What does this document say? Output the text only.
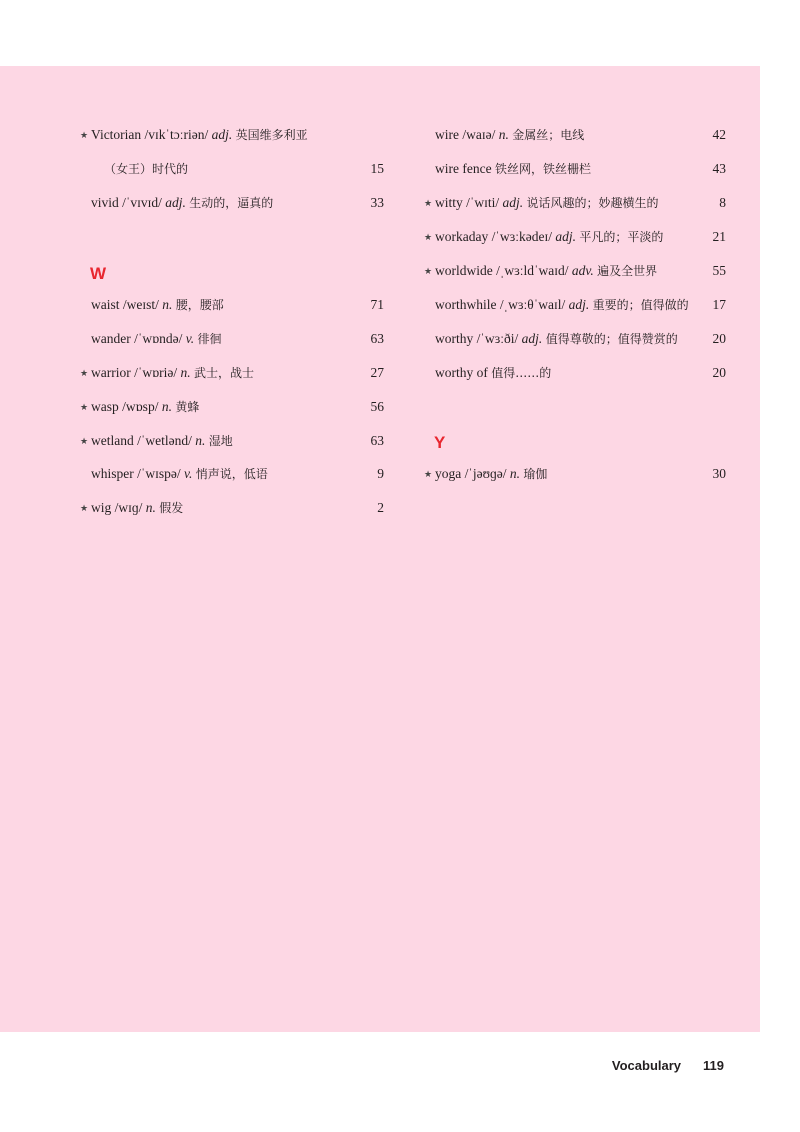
★ Victorian /vɪkˈtɔːriən/ adj. 英国维多利亚
（女王）时代的	15
vivid /ˈvɪvɪd/ adj. 生动的，逼真的	33
W
waist /weɪst/ n. 腰，腰部	71
wander /ˈwɒndə/ v. 徘徊	63
★ warrior /ˈwɒriə/ n. 武士，战士	27
★ wasp /wɒsp/ n. 黄蜂	56
★ wetland /ˈwetlənd/ n. 湿地	63
whisper /ˈwɪspə/ v. 悄声说，低语	9
★ wig /wɪɡ/ n. 假发	2
wire /waɪə/ n. 金属丝；电线	42
wire fence 铁丝网，铁丝栅栏	43
★ witty /ˈwɪti/ adj. 说话风趣的；妙趣横生的	8
★ workaday /ˈwɜːkədeɪ/ adj. 平凡的；平淡的	21
★ worldwide /ˌwɜːldˈwaɪd/ adv. 遍及全世界	55
worthwhile /ˌwɜːθˈwaɪl/ adj. 重要的；值得做的 17
worthy /ˈwɜːði/ adj. 值得尊敬的；值得赞赏的	20
worthy of 值得……的	20
Y
★ yoga /ˈjəʊɡə/ n. 瑜伽	30
Vocabulary 119
